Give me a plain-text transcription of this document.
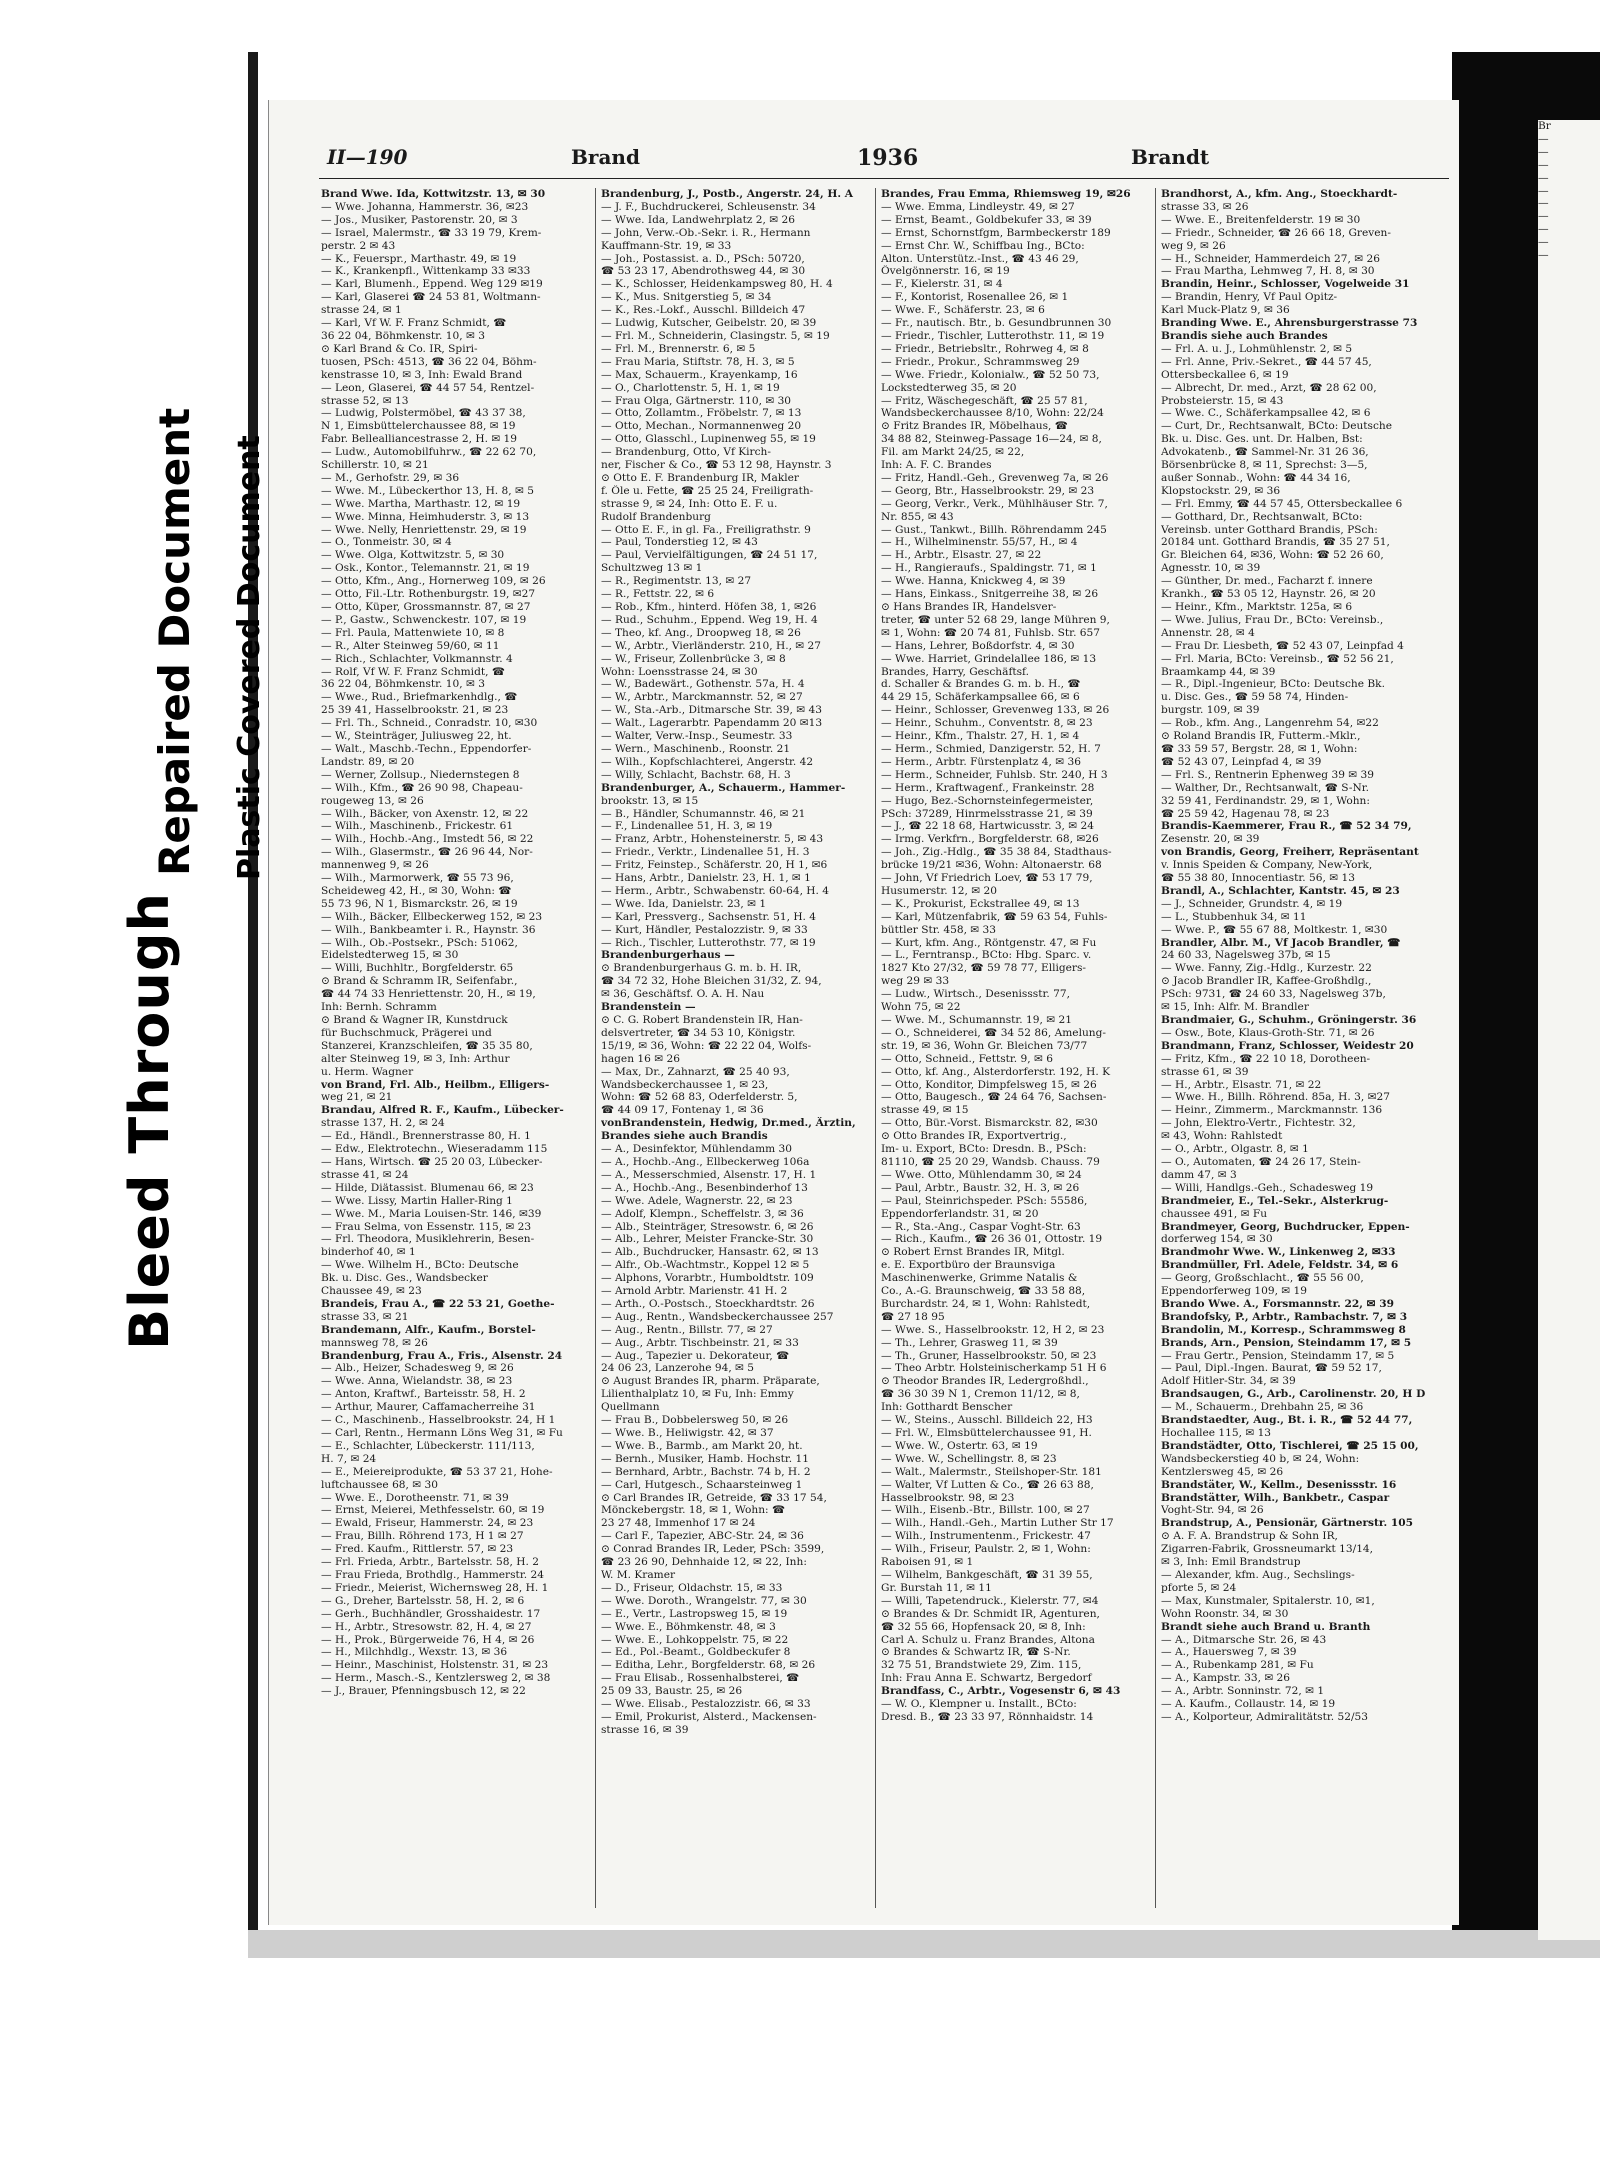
Bleed Through
Repaired Document Plastic Covered Document
II—190	Brand	1936	Brandt
Brand Wwe. Ida, Kottwitzstr. 13, ✉ 30
— Wwe. Johanna, Hammerstr. 36, ✉23
— Jos., Musiker, Pastorenstr. 20, ✉ 3
— Israel, Malermstr., ☎ 33 19 79, Krem-
perstr. 2 ✉ 43
— K., Feuerspr., Marthastr. 49, ✉ 19
— K., Krankenpfl., Wittenkamp 33 ✉33
— Karl, Blumenh., Eppend. Weg 129 ✉19
— Karl, Glaserei ☎ 24 53 81, Woltmann-
strasse 24, ✉ 1
— Karl, Vf W. F. Franz Schmidt, ☎
36 22 04, Böhmkenstr. 10, ✉ 3
⊙ Karl Brand & Co. IR, Spiri-
tuosen, PSch: 4513, ☎ 36 22 04, Böhm-
kenstrasse 10, ✉ 3, Inh: Ewald Brand
— Leon, Glaserei, ☎ 44 57 54, Rentzel-
strasse 52, ✉ 13
— Ludwig, Polstermöbel, ☎ 43 37 38,
N 1, Eimsbüttelerchaussee 88, ✉ 19
Fabr. Bellealliancestrasse 2, H. ✉ 19
— Ludw., Automobilfuhrw., ☎ 22 62 70,
Schillerstr. 10, ✉ 21
— M., Gerhofstr. 29, ✉ 36
— Wwe. M., Lübeckerthor 13, H. 8, ✉ 5
— Wwe. Martha, Marthastr. 12, ✉ 19
— Wwe. Minna, Heimhuderstr. 3, ✉ 13
— Wwe. Nelly, Henriettenstr. 29, ✉ 19
— O., Tonmeistr. 30, ✉ 4
— Wwe. Olga, Kottwitzstr. 5, ✉ 30
— Osk., Kontor., Telemannstr. 21, ✉ 19
— Otto, Kfm., Ang., Hornerweg 109, ✉ 26
— Otto, Fil.-Ltr. Rothenburgstr. 19, ✉27
— Otto, Küper, Grossmannstr. 87, ✉ 27
— P., Gastw., Schwenckestr. 107, ✉ 19
— Frl. Paula, Mattenwiete 10, ✉ 8
— R., Alter Steinweg 59/60, ✉ 11
— Rich., Schlachter, Volkmannstr. 4
— Rolf, Vf W. F. Franz Schmidt, ☎
36 22 04, Böhmkenstr. 10, ✉ 3
— Wwe., Rud., Briefmarkenhdlg., ☎
25 39 41, Hasselbrookstr. 21, ✉ 23
— Frl. Th., Schneid., Conradstr. 10, ✉30
— W., Steinträger, Juliusweg 22, ht.
— Walt., Maschb.-Techn., Eppendorfer-
Landstr. 89, ✉ 20
— Werner, Zollsup., Niedernstegen 8
— Wilh., Kfm., ☎ 26 90 98, Chapeau-
rougeweg 13, ✉ 26
— Wilh., Bäcker, von Axenstr. 12, ✉ 22
— Wilh., Maschinenb., Frickestr. 61
— Wilh., Hochb.-Ang., Imstedt 56, ✉ 22
— Wilh., Glasermstr., ☎ 26 96 44, Nor-
mannenweg 9, ✉ 26
— Wilh., Marmorwerk, ☎ 55 73 96,
Scheideweg 42, H., ✉ 30, Wohn: ☎
55 73 96, N 1, Bismarckstr. 26, ✉ 19
— Wilh., Bäcker, Ellbeckerweg 152, ✉ 23
— Wilh., Bankbeamter i. R., Haynstr. 36
— Wilh., Ob.-Postsekr., PSch: 51062,
Eidelstedterweg 15, ✉ 30
— Willi, Buchhltr., Borgfelderstr. 65
⊙ Brand & Schramm IR, Seifenfabr.,
☎ 44 74 33 Henriettenstr. 20, H., ✉ 19,
Inh: Bernh. Schramm
⊙ Brand & Wagner IR, Kunstdruck
für Buchschmuck, Prägerei und
Stanzerei, Kranzschleifen, ☎ 35 35 80,
alter Steinweg 19, ✉ 3, Inh: Arthur
u. Herm. Wagner
von Brand, Frl. Alb., Heilbm., Elligers-
weg 21, ✉ 21
Brandau, Alfred R. F., Kaufm., Lübecker-
strasse 137, H. 2, ✉ 24
— Ed., Händl., Brennerstrasse 80, H. 1
— Edw., Elektrotechn., Wieseradamm 115
— Hans, Wirtsch. ☎ 25 20 03, Lübecker-
strasse 41, ✉ 24
— Hilde, Diätassist. Blumenau 66, ✉ 23
— Wwe. Lissy, Martin Haller-Ring 1
— Wwe. M., Maria Louisen-Str. 146, ✉39
— Frau Selma, von Essenstr. 115, ✉ 23
— Frl. Theodora, Musiklehrerin, Besen-
binderhof 40, ✉ 1
— Wwe. Wilhelm H., BCto: Deutsche
Bk. u. Disc. Ges., Wandsbecker
Chaussee 49, ✉ 23
Brandeis, Frau A., ☎ 22 53 21, Goethe-
strasse 33, ✉ 21
Brandemann, Alfr., Kaufm., Borstel-
mannsweg 78, ✉ 26
Brandenburg, Frau A., Fris., Alsenstr. 24
— Alb., Heizer, Schadesweg 9, ✉ 26
— Wwe. Anna, Wielandstr. 38, ✉ 23
— Anton, Kraftwf., Barteisstr. 58, H. 2
— Arthur, Maurer, Caffamacherreihe 31
— C., Maschinenb., Hasselbrookstr. 24, H 1
— Carl, Rentn., Hermann Löns Weg 31, ✉ Fu
— E., Schlachter, Lübeckerstr. 111/113,
H. 7, ✉ 24
— E., Meiereiprodukte, ☎ 53 37 21, Hohe-
luftchaussee 68, ✉ 30
— Wwe. E., Dorotheenstr. 71, ✉ 39
— Ernst, Meierei, Methfesselstr. 60, ✉ 19
— Ewald, Friseur, Hammerstr. 24, ✉ 23
— Frau, Billh. Röhrend 173, H 1 ✉ 27
— Fred. Kaufm., Rittlerstr. 57, ✉ 23
— Frl. Frieda, Arbtr., Bartelsstr. 58, H. 2
— Frau Frieda, Brothdlg., Hammerstr. 24
— Friedr., Meierist, Wichernsweg 28, H. 1
— G., Dreher, Bartelsstr. 58, H. 2, ✉ 6
— Gerh., Buchhändler, Grosshaidestr. 17
— H., Arbtr., Stresowstr. 82, H. 4, ✉ 27
— H., Prok., Bürgerweide 76, H 4, ✉ 26
— H., Milchhdlg., Wexstr. 13, ✉ 36
— Heinr., Maschinist, Holstenstr. 31, ✉ 23
— Herm., Masch.-S., Kentzlersweg 2, ✉ 38
— J., Brauer, Pfenningsbusch 12, ✉ 22
Brandenburg, J., Postb., Angerstr. 24, H. A
— J. F., Buchdruckerei, Schleusenstr. 34
— Wwe. Ida, Landwehrplatz 2, ✉ 26
— John, Verw.-Ob.-Sekr. i. R., Hermann
Kauffmann-Str. 19, ✉ 33
— Joh., Postassist. a. D., PSch: 50720,
☎ 53 23 17, Abendrothsweg 44, ✉ 30
— K., Schlosser, Heidenkampsweg 80, H. 4
— K., Mus. Snitgerstieg 5, ✉ 34
— K., Res.-Lokf., Ausschl. Billdeich 47
— Ludwig, Kutscher, Geibelstr. 20, ✉ 39
— Frl. M., Schneiderin, Clasingstr. 5, ✉ 19
— Frl. M., Brennerstr. 6, ✉ 5
— Frau Maria, Stiftstr. 78, H. 3, ✉ 5
— Max, Schauerm., Krayenkamp, 16
— O., Charlottenstr. 5, H. 1, ✉ 19
— Frau Olga, Gärtnerstr. 110, ✉ 30
— Otto, Zollamtm., Fröbelstr. 7, ✉ 13
— Otto, Mechan., Normannenweg 20
— Otto, Glasschl., Lupinenweg 55, ✉ 19
— Brandenburg, Otto, Vf Kirch-
ner, Fischer & Co., ☎ 53 12 98, Haynstr. 3
⊙ Otto E. F. Brandenburg IR, Makler
f. Öle u. Fette, ☎ 25 25 24, Freiligrath-
strasse 9, ✉ 24, Inh: Otto E. F. u.
Rudolf Brandenburg
— Otto E. F., in gl. Fa., Freiligrathstr. 9
— Paul, Tonderstieg 12, ✉ 43
— Paul, Vervielfältigungen, ☎ 24 51 17,
Schultzweg 13 ✉ 1
— R., Regimentstr. 13, ✉ 27
— R., Fettstr. 22, ✉ 6
— Rob., Kfm., hinterd. Höfen 38, 1, ✉26
— Rud., Schuhm., Eppend. Weg 19, H. 4
— Theo, kf. Ang., Droopweg 18, ✉ 26
— W., Arbtr., Vierländerstr. 210, H., ✉ 27
— W., Friseur, Zollenbrücke 3, ✉ 8
Wohn: Loensstrasse 24, ✉ 30
— W., Badewärt., Gothenstr. 57a, H. 4
— W., Arbtr., Marckmannstr. 52, ✉ 27
— W., Sta.-Arb., Ditmarsche Str. 39, ✉ 43
— Walt., Lagerarbtr. Papendamm 20 ✉13
— Walter, Verw.-Insp., Seumestr. 33
— Wern., Maschinenb., Roonstr. 21
— Wilh., Kopfschlachterei, Angerstr. 42
— Willy, Schlacht, Bachstr. 68, H. 3
Brandenburger, A., Schauerm., Hammer-
brookstr. 13, ✉ 15
— B., Händler, Schumannstr. 46, ✉ 21
— F., Lindenallee 51, H. 3, ✉ 19
— Franz, Arbtr., Hohensteinerstr. 5, ✉ 43
— Friedr., Verktr., Lindenallee 51, H. 3
— Fritz, Feinstep., Schäferstr. 20, H 1, ✉6
— Hans, Arbtr., Danielstr. 23, H. 1, ✉ 1
— Herm., Arbtr., Schwabenstr. 60-64, H. 4
— Wwe. Ida, Danielstr. 23, ✉ 1
— Karl, Pressverg., Sachsenstr. 51, H. 4
— Kurt, Händler, Pestalozzistr. 9, ✉ 33
— Rich., Tischler, Lutterothstr. 77, ✉ 19
Brandenburgerhaus —
⊙ Brandenburgerhaus G. m. b. H. IR,
☎ 34 72 32, Hohe Bleichen 31/32, Z. 94,
✉ 36, Geschäftsf. O. A. H. Nau
Brandenstein —
⊙ C. G. Robert Brandenstein IR, Han-
delsvertreter, ☎ 34 53 10, Königstr.
15/19, ✉ 36, Wohn: ☎ 22 22 04, Wolfs-
hagen 16 ✉ 26
— Max, Dr., Zahnarzt, ☎ 25 40 93,
Wandsbeckerchaussee 1, ✉ 23,
Wohn: ☎ 52 68 83, Oderfelderstr. 5,
☎ 44 09 17, Fontenay 1, ✉ 36
vonBrandenstein, Hedwig, Dr.med., Ärztin,
Brandes siehe auch Brandis
— A., Desinfektor, Mühlendamm 30
— A., Hochb.-Ang., Ellbeckerweg 106a
— A., Messerschmied, Alsenstr. 17, H. 1
— A., Hochb.-Ang., Besenbinderhof 13
— Wwe. Adele, Wagnerstr. 22, ✉ 23
— Adolf, Klempn., Scheffelstr. 3, ✉ 36
— Alb., Steinträger, Stresowstr. 6, ✉ 26
— Alb., Lehrer, Meister Francke-Str. 30
— Alb., Buchdrucker, Hansastr. 62, ✉ 13
— Alfr., Ob.-Wachtmstr., Koppel 12 ✉ 5
— Alphons, Vorarbtr., Humboldtstr. 109
— Arnold Arbtr. Marienstr. 41 H. 2
— Arth., O.-Postsch., Stoeckhardtstr. 26
— Aug., Rentn., Wandsbeckerchaussee 257
— Aug., Rentn., Billstr. 77, ✉ 27
— Aug., Arbtr. Tischbeinstr. 21, ✉ 33
— Aug., Tapezier u. Dekorateur, ☎
24 06 23, Lanzerohe 94, ✉ 5
⊙ August Brandes IR, pharm. Präparate,
Lilienthalplatz 10, ✉ Fu, Inh: Emmy
Quellmann
— Frau B., Dobbelersweg 50, ✉ 26
— Wwe. B., Heliwigstr. 42, ✉ 37
— Wwe. B., Barmb., am Markt 20, ht.
— Bernh., Musiker, Hamb. Hochstr. 11
— Bernhard, Arbtr., Bachstr. 74 b, H. 2
— Carl, Hutgesch., Schaarsteinweg 1
⊙ Carl Brandes IR, Getreide, ☎ 33 17 54,
Mönckebergstr. 18, ✉ 1, Wohn: ☎
23 27 48, Immenhof 17 ✉ 24
— Carl F., Tapezier, ABC-Str. 24, ✉ 36
⊙ Conrad Brandes IR, Leder, PSch: 3599,
☎ 23 26 90, Dehnhaide 12, ✉ 22, Inh:
W. M. Kramer
— D., Friseur, Oldachstr. 15, ✉ 33
— Wwe. Doroth., Wrangelstr. 77, ✉ 30
— E., Vertr., Lastropsweg 15, ✉ 19
— Wwe. E., Böhmkenstr. 48, ✉ 3
— Wwe. E., Lohkoppelstr. 75, ✉ 22
— Ed., Pol.-Beamt., Goldbeckufer 8
— Editha, Lehr., Borgfelderstr. 68, ✉ 26
— Frau Elisab., Rossenhalbsterei, ☎
25 09 33, Baustr. 25, ✉ 26
— Wwe. Elisab., Pestalozzistr. 66, ✉ 33
— Emil, Prokurist, Alsterd., Mackensen-
strasse 16, ✉ 39
Brandes, Frau Emma, Rhiemsweg 19, ✉26
— Wwe. Emma, Lindleystr. 49, ✉ 27
— Ernst, Beamt., Goldbekufer 33, ✉ 39
— Ernst, Schornstfgm, Barmbeckerstr 189
— Ernst Chr. W., Schiffbau Ing., BCto:
Alton. Unterstütz.-Inst., ☎ 43 46 29,
Övelgönnerstr. 16, ✉ 19
— F., Kielerstr. 31, ✉ 4
— F., Kontorist, Rosenallee 26, ✉ 1
— Wwe. F., Schäferstr. 23, ✉ 6
— Fr., nautisch. Btr., b. Gesundbrunnen 30
— Friedr., Tischler, Lutterothstr. 11, ✉ 19
— Friedr., Betriebsltr., Rohrweg 4, ✉ 8
— Friedr., Prokur., Schrammsweg 29
— Wwe. Friedr., Kolonialw., ☎ 52 50 73,
Lockstedterweg 35, ✉ 20
— Fritz, Wäschegeschäft, ☎ 25 57 81,
Wandsbeckerchaussee 8/10, Wohn: 22/24
⊙ Fritz Brandes IR, Möbelhaus, ☎
34 88 82, Steinweg-Passage 16—24, ✉ 8,
Fil. am Markt 24/25, ✉ 22,
Inh: A. F. C. Brandes
— Fritz, Handl.-Geh., Grevenweg 7a, ✉ 26
— Georg, Btr., Hasselbrookstr. 29, ✉ 23
— Georg, Verkr., Verk., Mühlhäuser Str. 7,
Nr. 855, ✉ 43
— Gust., Tankwt., Billh. Röhrendamm 245
— H., Wilhelminenstr. 55/57, H., ✉ 4
— H., Arbtr., Elsastr. 27, ✉ 22
— H., Rangieraufs., Spaldingstr. 71, ✉ 1
— Wwe. Hanna, Knickweg 4, ✉ 39
— Hans, Einkass., Snitgerreihe 38, ✉ 26
⊙ Hans Brandes IR, Handelsver-
treter, ☎ unter 52 68 29, lange Mühren 9,
✉ 1, Wohn: ☎ 20 74 81, Fuhlsb. Str. 657
— Hans, Lehrer, Boßdorfstr. 4, ✉ 30
— Wwe. Harriet, Grindelallee 186, ✉ 13
Brandes, Harry, Geschäftsf.
d. Schaller & Brandes G. m. b. H., ☎
44 29 15, Schäferkampsallee 66, ✉ 6
— Heinr., Schlosser, Grevenweg 133, ✉ 26
— Heinr., Schuhm., Conventstr. 8, ✉ 23
— Heinr., Kfm., Thalstr. 27, H. 1, ✉ 4
— Herm., Schmied, Danzigerstr. 52, H. 7
— Herm., Arbtr. Fürstenplatz 4, ✉ 36
— Herm., Schneider, Fuhlsb. Str. 240, H 3
— Herm., Kraftwagenf., Frankeinstr. 28
— Hugo, Bez.-Schornsteinfegermeister,
PSch: 37289, Hinrmelsstrasse 21, ✉ 39
— J., ☎ 22 18 68, Hartwicusstr. 3, ✉ 24
— Irmg. Verkfrn., Borgfelderstr. 68, ✉26
— Joh., Zig.-Hdlg., ☎ 35 38 84, Stadthaus-
brücke 19/21 ✉36, Wohn: Altonaerstr. 68
— John, Vf Friedrich Loev, ☎ 53 17 79,
Husumerstr. 12, ✉ 20
— K., Prokurist, Eckstrallee 49, ✉ 13
— Karl, Mützenfabrik, ☎ 59 63 54, Fuhls-
büttler Str. 458, ✉ 33
— Kurt, kfm. Ang., Röntgenstr. 47, ✉ Fu
— L., Ferntransp., BCto: Hbg. Sparc. v.
1827 Kto 27/32, ☎ 59 78 77, Elligers-
weg 29 ✉ 33
— Ludw., Wirtsch., Desenissstr. 77,
Wohn 75, ✉ 22
— Wwe. M., Schumannstr. 19, ✉ 21
— O., Schneiderei, ☎ 34 52 86, Amelung-
str. 19, ✉ 36, Wohn Gr. Bleichen 73/77
— Otto, Schneid., Fettstr. 9, ✉ 6
— Otto, kf. Ang., Alsterdorferstr. 192, H. K
— Otto, Konditor, Dimpfelsweg 15, ✉ 26
— Otto, Baugesch., ☎ 24 64 76, Sachsen-
strasse 49, ✉ 15
— Otto, Bür.-Vorst. Bismarckstr. 82, ✉30
⊙ Otto Brandes IR, Exportvertrig.,
Im- u. Export, BCto: Dresdn. B., PSch:
81110, ☎ 25 20 29, Wandsb. Chauss. 79
— Wwe. Otto, Mühlendamm 30, ✉ 24
— Paul, Arbtr., Baustr. 32, H. 3, ✉ 26
— Paul, Steinrichspeder. PSch: 55586,
Eppendorferlandstr. 31, ✉ 20
— R., Sta.-Ang., Caspar Voght-Str. 63
— Rich., Kaufm., ☎ 26 36 01, Ottostr. 19
⊙ Robert Ernst Brandes IR, Mitgl.
e. E. Exportbüro der Braunsviga
Maschinenwerke, Grimme Natalis &
Co., A.-G. Braunschweig, ☎ 33 58 88,
Burchardstr. 24, ✉ 1, Wohn: Rahlstedt,
☎ 27 18 95
— Wwe. S., Hasselbrookstr. 12, H 2, ✉ 23
— Th., Lehrer, Grasweg 11, ✉ 39
— Th., Gruner, Hasselbrookstr. 50, ✉ 23
— Theo Arbtr. Holsteinischerkamp 51 H 6
⊙ Theodor Brandes IR, Ledergroßhdl.,
☎ 36 30 39 N 1, Cremon 11/12, ✉ 8,
Inh: Gotthardt Benscher
— W., Steins., Ausschl. Billdeich 22, H3
— Frl. W., Elmsbüttelerchaussee 91, H.
— Wwe. W., Ostertr. 63, ✉ 19
— Wwe. W., Schellingstr. 8, ✉ 23
— Walt., Malermstr., Steilshoper-Str. 181
— Walter, Vf Lutten & Co., ☎ 26 63 88,
Hasselbrookstr. 98, ✉ 23
— Wilh., Eisenb.-Btr., Billstr. 100, ✉ 27
— Wilh., Handl.-Geh., Martin Luther Str 17
— Wilh., Instrumentenm., Frickestr. 47
— Wilh., Friseur, Paulstr. 2, ✉ 1, Wohn:
Raboisen 91, ✉ 1
— Wilhelm, Bankgeschäft, ☎ 31 39 55,
Gr. Burstah 11, ✉ 11
— Willi, Tapetendruck., Kielerstr. 77, ✉4
⊙ Brandes & Dr. Schmidt IR, Agenturen,
☎ 32 55 66, Hopfensack 20, ✉ 8, Inh:
Carl A. Schulz u. Franz Brandes, Altona
⊙ Brandes & Schwartz IR, ☎ S-Nr.
32 75 51, Brandstwiete 29, Zim. 115,
Inh: Frau Anna E. Schwartz, Bergedorf
Brandfass, C., Arbtr., Vogesenstr 6, ✉ 43
— W. O., Klempner u. Installt., BCto:
Dresd. B., ☎ 23 33 97, Rönnhaidstr. 14
Brandhorst, A., kfm. Ang., Stoeckhardt-
strasse 33, ✉ 26
— Wwe. E., Breitenfelderstr. 19 ✉ 30
— Friedr., Schneider, ☎ 26 66 18, Greven-
weg 9, ✉ 26
— H., Schneider, Hammerdeich 27, ✉ 26
— Frau Martha, Lehmweg 7, H. 8, ✉ 30
Brandin, Heinr., Schlosser, Vogelweide 31
— Brandin, Henry, Vf Paul Opitz-
Karl Muck-Platz 9, ✉ 36
Branding Wwe. E., Ahrensburgerstrasse 73
Brandis siehe auch Brandes
— Frl. A. u. J., Lohmühlenstr. 2, ✉ 5
— Frl. Anne, Priv.-Sekret., ☎ 44 57 45,
Ottersbeckallee 6, ✉ 19
— Albrecht, Dr. med., Arzt, ☎ 28 62 00,
Probsteierstr. 15, ✉ 43
— Wwe. C., Schäferkampsallee 42, ✉ 6
— Curt, Dr., Rechtsanwalt, BCto: Deutsche
Bk. u. Disc. Ges. unt. Dr. Halben, Bst:
Advokatenb., ☎ Sammel-Nr. 31 26 36,
Börsenbrücke 8, ✉ 11, Sprechst: 3—5,
außer Sonnab., Wohn: ☎ 44 34 16,
Klopstockstr. 29, ✉ 36
— Frl. Emmy, ☎ 44 57 45, Ottersbeckallee 6
— Gotthard, Dr., Rechtsanwalt, BCto:
Vereinsb. unter Gotthard Brandis, PSch:
20184 unt. Gotthard Brandis, ☎ 35 27 51,
Gr. Bleichen 64, ✉36, Wohn: ☎ 52 26 60,
Agnesstr. 10, ✉ 39
— Günther, Dr. med., Facharzt f. innere
Krankh., ☎ 53 05 12, Haynstr. 26, ✉ 20
— Heinr., Kfm., Marktstr. 125a, ✉ 6
— Wwe. Julius, Frau Dr., BCto: Vereinsb.,
Annenstr. 28, ✉ 4
— Frau Dr. Liesbeth, ☎ 52 43 07, Leinpfad 4
— Frl. Maria, BCto: Vereinsb., ☎ 52 56 21,
Braamkamp 44, ✉ 39
— R., Dipl.-Ingenieur, BCto: Deutsche Bk.
u. Disc. Ges., ☎ 59 58 74, Hinden-
burgstr. 109, ✉ 39
— Rob., kfm. Ang., Langenrehm 54, ✉22
⊙ Roland Brandis IR, Futterm.-Mklr.,
☎ 33 59 57, Bergstr. 28, ✉ 1, Wohn:
☎ 52 43 07, Leinpfad 4, ✉ 39
— Frl. S., Rentnerin Ephenweg 39 ✉ 39
— Walther, Dr., Rechtsanwalt, ☎ S-Nr.
32 59 41, Ferdinandstr. 29, ✉ 1, Wohn:
☎ 25 59 42, Hagenau 78, ✉ 23
Brandis-Kaemmerer, Frau R., ☎ 52 34 79,
Zesenstr. 20, ✉ 39
von Brandis, Georg, Freiherr, Repräsentant
v. Innis Speiden & Company, New-York,
☎ 55 38 80, Innocentiastr. 56, ✉ 13
Brandl, A., Schlachter, Kantstr. 45, ✉ 23
— J., Schneider, Grundstr. 4, ✉ 19
— L., Stubbenhuk 34, ✉ 11
— Wwe. P., ☎ 55 67 88, Moltkestr. 1, ✉30
Brandler, Albr. M., Vf Jacob Brandler, ☎
24 60 33, Nagelsweg 37b, ✉ 15
— Wwe. Fanny, Zig.-Hdlg., Kurzestr. 22
⊙ Jacob Brandler IR, Kaffee-Großhdlg.,
PSch: 9731, ☎ 24 60 33, Nagelsweg 37b,
✉ 15, Inh: Alfr. M. Brandler
Brandmaier, G., Schuhm., Gröningerstr. 36
— Osw., Bote, Klaus-Groth-Str. 71, ✉ 26
Brandmann, Franz, Schlosser, Weidestr 20
— Fritz, Kfm., ☎ 22 10 18, Dorotheen-
strasse 61, ✉ 39
— H., Arbtr., Elsastr. 71, ✉ 22
— Wwe. H., Billh. Röhrend. 85a, H. 3, ✉27
— Heinr., Zimmerm., Marckmannstr. 136
— John, Elektro-Vertr., Fichtestr. 32,
✉ 43, Wohn: Rahlstedt
— O., Arbtr., Olgastr. 8, ✉ 1
— O., Automaten, ☎ 24 26 17, Stein-
damm 47, ✉ 3
— Willi, Handlgs.-Geh., Schadesweg 19
Brandmeier, E., Tel.-Sekr., Alsterkrug-
chaussee 491, ✉ Fu
Brandmeyer, Georg, Buchdrucker, Eppen-
dorferweg 154, ✉ 30
Brandmohr Wwe. W., Linkenweg 2, ✉33
Brandmüller, Frl. Adele, Feldstr. 34, ✉ 6
— Georg, Großschlacht., ☎ 55 56 00,
Eppendorferweg 109, ✉ 19
Brando Wwe. A., Forsmannstr. 22, ✉ 39
Brandofsky, P., Arbtr., Rambachstr. 7, ✉ 3
Brandolin, M., Korresp., Schrammsweg 8
Brands, Arn., Pension, Steindamm 17, ✉ 5
— Frau Gertr., Pension, Steindamm 17, ✉ 5
— Paul, Dipl.-Ingen. Baurat, ☎ 59 52 17,
Adolf Hitler-Str. 34, ✉ 39
Brandsaugen, G., Arb., Carolinenstr. 20, H D
— M., Schauerm., Drehbahn 25, ✉ 36
Brandstaedter, Aug., Bt. i. R., ☎ 52 44 77,
Hochallee 115, ✉ 13
Brandstädter, Otto, Tischlerei, ☎ 25 15 00,
Wandsbeckerstieg 40 b, ✉ 24, Wohn:
Kentzlersweg 45, ✉ 26
Brandstäter, W., Kellm., Desenissstr. 16
Brandstätter, Wilh., Bankbetr., Caspar
Voght-Str. 94, ✉ 26
Brandstrup, A., Pensionär, Gärtnerstr. 105
⊙ A. F. A. Brandstrup & Sohn IR,
Zigarren-Fabrik, Grossneumarkt 13/14,
✉ 3, Inh: Emil Brandstrup
— Alexander, kfm. Aug., Sechslings-
pforte 5, ✉ 24
— Max, Kunstmaler, Spitalerstr. 10, ✉1,
Wohn Roonstr. 34, ✉ 30
Brandt siehe auch Brand u. Branth
— A., Ditmarsche Str. 26, ✉ 43
— A., Hauersweg 7, ✉ 39
— A., Rubenkamp 281, ✉ Fu
— A., Kampstr. 33, ✉ 26
— A., Arbtr. Sonninstr. 72, ✉ 1
— A. Kaufm., Collaustr. 14, ✉ 19
— A., Kolporteur, Admiralitätstr. 52/53
Br
—
—
—
—
—
—
—
—
—
—
